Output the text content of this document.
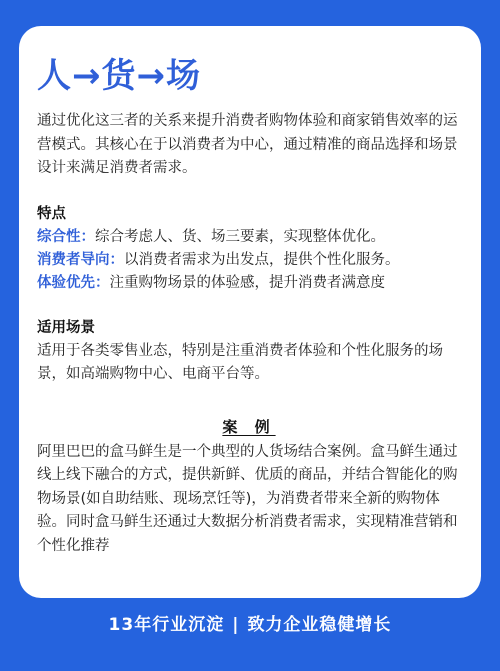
人→货→场

通过优化这三者的关系来提升消费者购物体验和商家销售效率的运营模式。其核心在于以消费者为中心，通过精准的商品选择和场景设计来满足消费者需求。

特点

综合性：综合考虑人、货、场三要素，实现整体优化。

消费者导向：以消费者需求为出发点，提供个性化服务。

体验优先：注重购物场景的体验感，提升消费者满意度

适用场景

适用于各类零售业态，特别是注重消费者体验和个性化服务的场景，如高端购物中心、电商平台等。

案 例

阿里巴巴的盒马鲜生是一个典型的人货场结合案例。盒马鲜生通过线上线下融合的方式，提供新鲜、优质的商品，并结合智能化的购物场景(如自助结账、现场烹饪等)，为消费者带来全新的购物体验。同时盒马鲜生还通过大数据分析消费者需求，实现精准营销和个性化推荐

13年行业沉淀 | 致力企业稳健增长
